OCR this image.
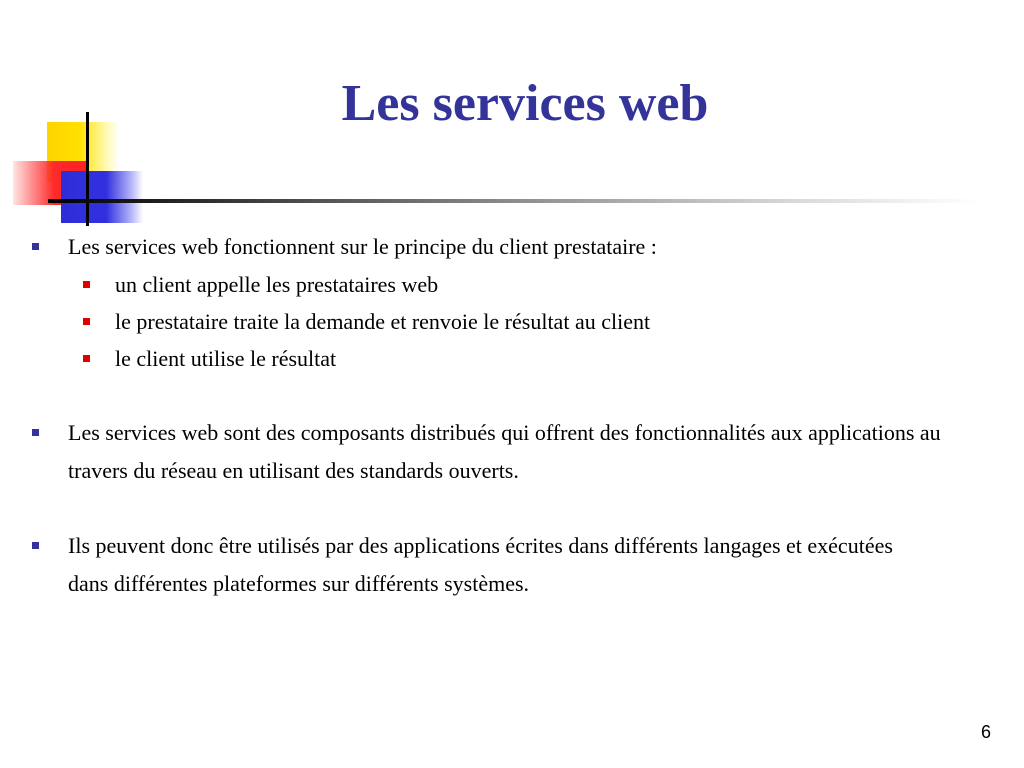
Les services web
Les services web fonctionnent sur le principe du client prestataire :
un client appelle les prestataires web
le prestataire traite la demande et renvoie le résultat au client
le client utilise le résultat
Les services web sont des composants distribués qui offrent des fonctionnalités aux applications au travers du réseau en utilisant des standards ouverts.
Ils peuvent donc être utilisés par des applications écrites dans différents langages et exécutées dans différentes plateformes sur différents systèmes.
6
